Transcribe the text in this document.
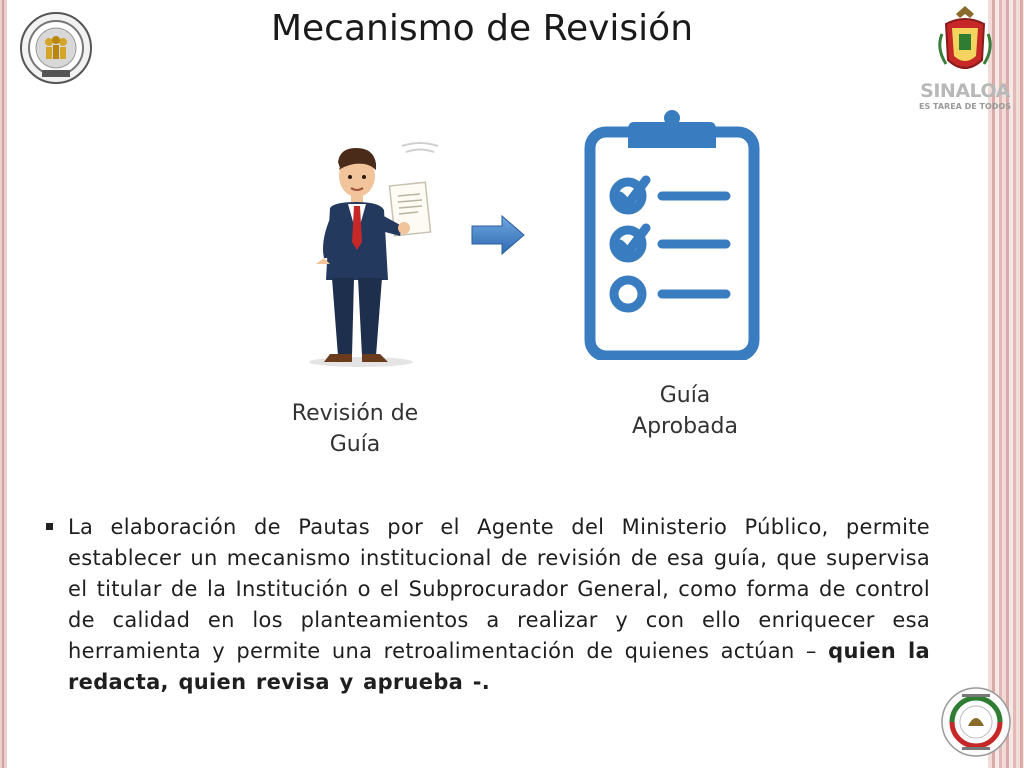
Mecanismo de Revisión
SINALOA
ES TAREA DE TODOS
Revisión de
Guía
Guía
Aprobada

La elaboración de Pautas por el Agente del Ministerio Público, permite establecer un mecanismo institucional de revisión de esa guía, que supervisa el titular de la Institución o el Subprocurador General, como forma de control de calidad en los planteamientos a realizar y con ello enriquecer esa herramienta y permite una retroalimentación de quienes actúan – quien la redacta, quien revisa y aprueba -.
